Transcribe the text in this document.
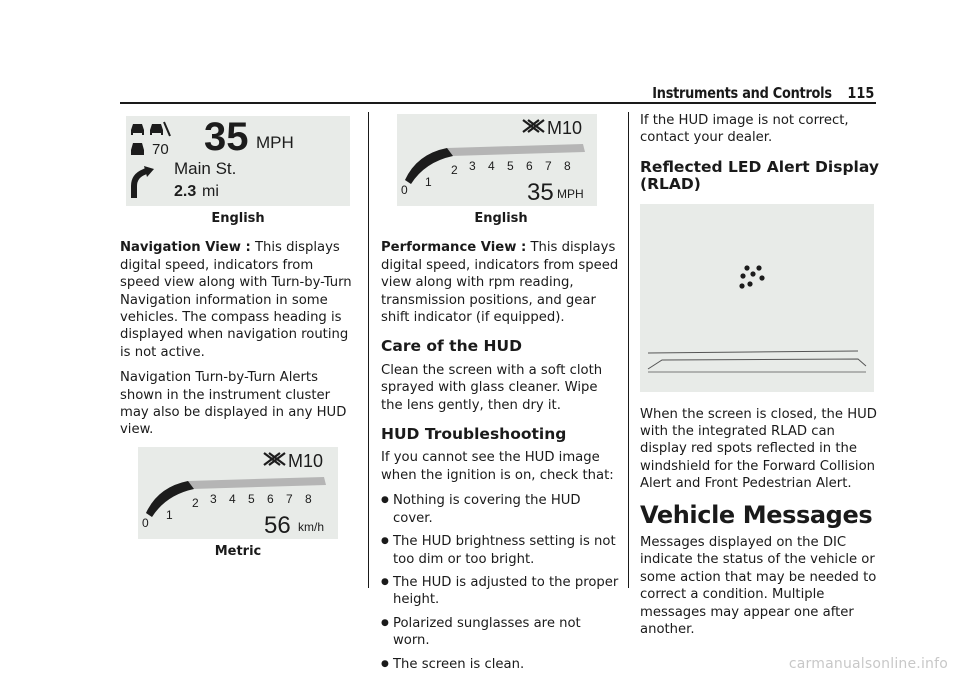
Instruments and Controls 115
70 35 MPH
Main St.
2.3 mi
English

Navigation View : This displays digital speed, indicators from speed view along with Turn-by-Turn Navigation information in some vehicles. The compass heading is displayed when navigation routing is not active.

Navigation Turn-by-Turn Alerts shown in the instrument cluster may also be displayed in any HUD view.

M10
0
1
2 3 4 5 6 7 8
56 km/h
Metric
M10
0
1
2 3 4 5 6 7 8
35 MPH
English

Performance View : This displays digital speed, indicators from speed view along with rpm reading, transmission positions, and gear shift indicator (if equipped).

Care of the HUD

Clean the screen with a soft cloth sprayed with glass cleaner. Wipe the lens gently, then dry it.

HUD Troubleshooting

If you cannot see the HUD image when the ignition is on, check that:

● Nothing is covering the HUD cover.
● The HUD brightness setting is not too dim or too bright.
● The HUD is adjusted to the proper height.
● Polarized sunglasses are not worn.
● The screen is clean.

If the HUD image is not correct, contact your dealer.

Reflected LED Alert Display (RLAD)

When the screen is closed, the HUD with the integrated RLAD can display red spots reflected in the windshield for the Forward Collision Alert and Front Pedestrian Alert.

Vehicle Messages

Messages displayed on the DIC indicate the status of the vehicle or some action that may be needed to correct a condition. Multiple messages may appear one after another.

carmanualsonline.info
